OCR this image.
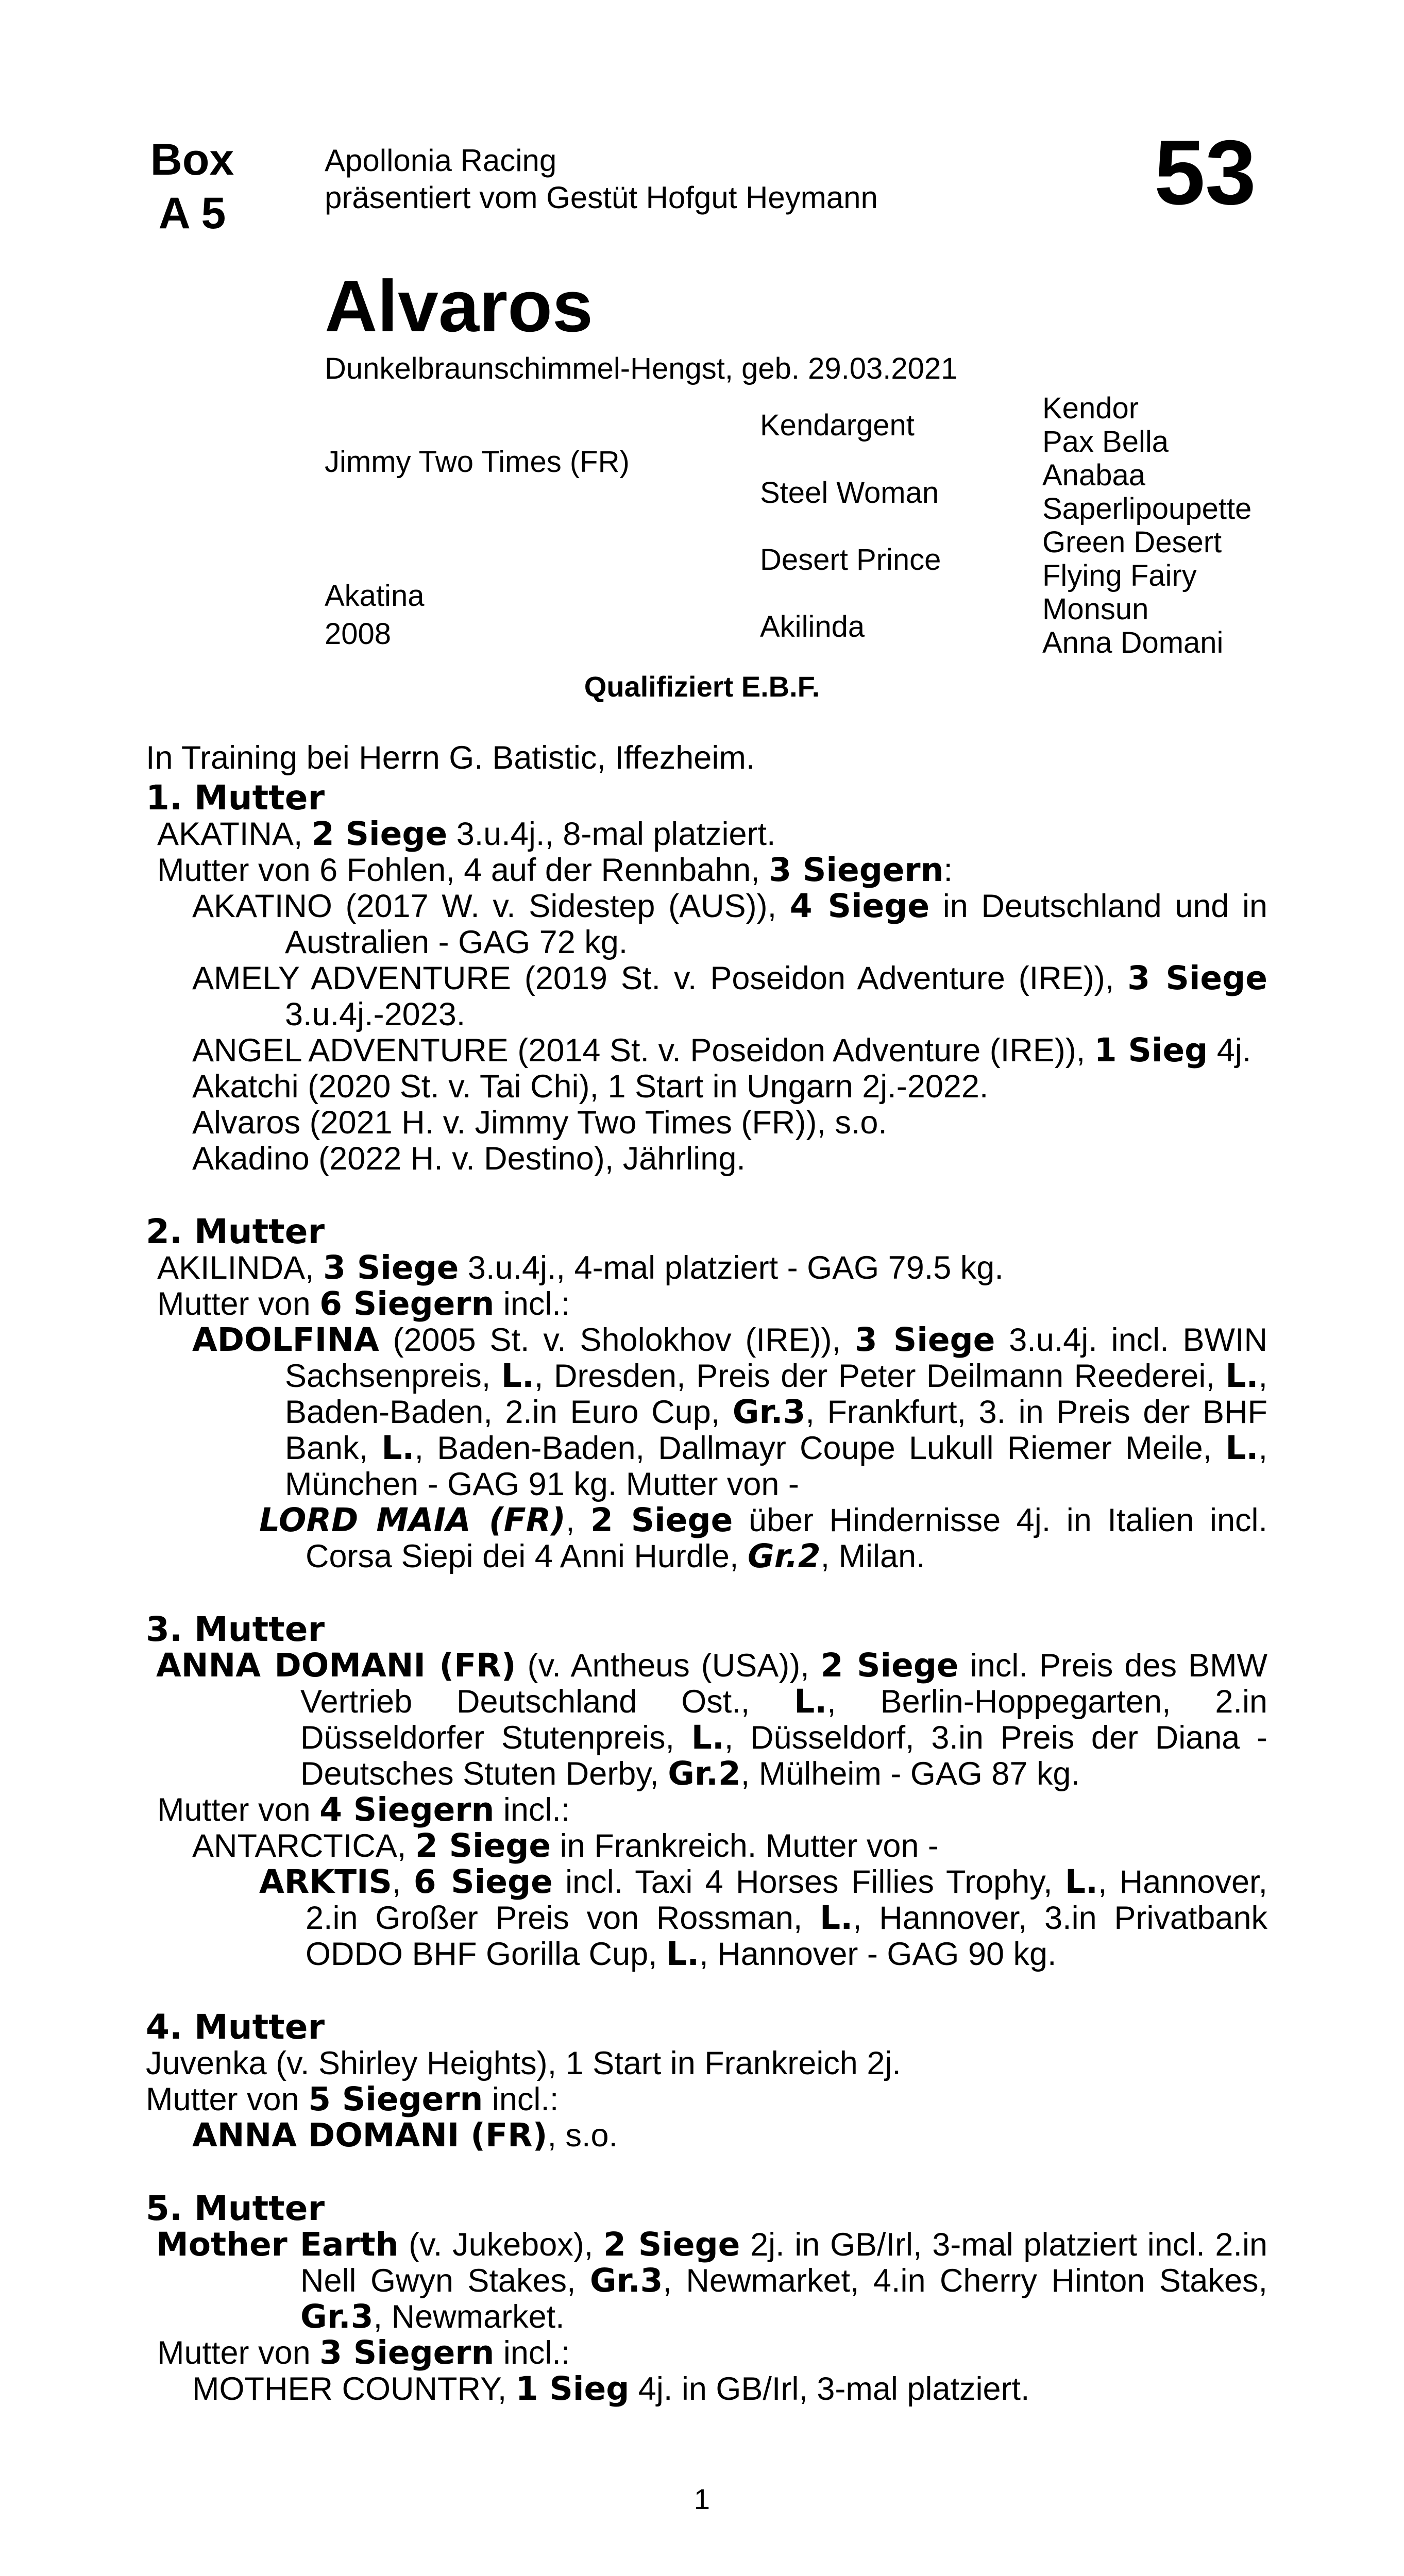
Box
A 5
Apollonia Racing
präsentiert vom Gestüt Hofgut Heymann	53
Alvaros
Dunkelbraunschimmel-Hengst, geb. 29.03.2021
Jimmy Two Times (FR)
Akatina
2008
Kendargent
Steel Woman
Desert Prince
Akilinda
Kendor
Pax Bella
Anabaa
Saperlipoupette
Green Desert
Flying Fairy
Monsun
Anna Domani
Qualifiziert E.B.F.

In Training bei Herrn G. Batistic, Iffezheim.

1. Mutter

AKATINA, 2 Siege 3.u.4j., 8-mal platziert.

Mutter von 6 Fohlen, 4 auf der Rennbahn, 3 Siegern:

AKATINO (2017 W. v. Sidestep (AUS)), 4 Siege in Deutschland und in Australien - GAG 72 kg.

AMELY ADVENTURE (2019 St. v. Poseidon Adventure (IRE)), 3 Siege 3.u.4j.-2023.

ANGEL ADVENTURE (2014 St. v. Poseidon Adventure (IRE)), 1 Sieg 4j.

Akatchi (2020 St. v. Tai Chi), 1 Start in Ungarn 2j.-2022.

Alvaros (2021 H. v. Jimmy Two Times (FR)), s.o.

Akadino (2022 H. v. Destino), Jährling.

2. Mutter

AKILINDA, 3 Siege 3.u.4j., 4-mal platziert - GAG 79.5 kg.

Mutter von 6 Siegern incl.:

ADOLFINA (2005 St. v. Sholokhov (IRE)), 3 Siege 3.u.4j. incl. BWIN Sachsenpreis, L., Dresden, Preis der Peter Deilmann Reederei, L., Baden-Baden, 2.in Euro Cup, Gr.3, Frankfurt, 3. in Preis der BHF Bank, L., Baden-Baden, Dallmayr Coupe Lukull Riemer Meile, L., München - GAG 91 kg. Mutter von -

LORD MAIA (FR), 2 Siege über Hindernisse 4j. in Italien incl. Corsa Siepi dei 4 Anni Hurdle, Gr.2, Milan.

3. Mutter

ANNA DOMANI (FR) (v. Antheus (USA)), 2 Siege incl. Preis des BMW Vertrieb Deutschland Ost., L., Berlin-Hoppegarten, 2.in Düsseldorfer Stutenpreis, L., Düsseldorf, 3.in Preis der Diana - Deutsches Stuten Derby, Gr.2, Mülheim - GAG 87 kg.

Mutter von 4 Siegern incl.:

ANTARCTICA, 2 Siege in Frankreich. Mutter von -

ARKTIS, 6 Siege incl. Taxi 4 Horses Fillies Trophy, L., Hannover, 2.in Großer Preis von Rossman, L., Hannover, 3.in Privatbank ODDO BHF Gorilla Cup, L., Hannover - GAG 90 kg.

4. Mutter

Juvenka (v. Shirley Heights), 1 Start in Frankreich 2j.

Mutter von 5 Siegern incl.:

ANNA DOMANI (FR), s.o.

5. Mutter

Mother Earth (v. Jukebox), 2 Siege 2j. in GB/Irl, 3-mal platziert incl. 2.in Nell Gwyn Stakes, Gr.3, Newmarket, 4.in Cherry Hinton Stakes, Gr.3, Newmarket.

Mutter von 3 Siegern incl.:

MOTHER COUNTRY, 1 Sieg 4j. in GB/Irl, 3-mal platziert.

1
